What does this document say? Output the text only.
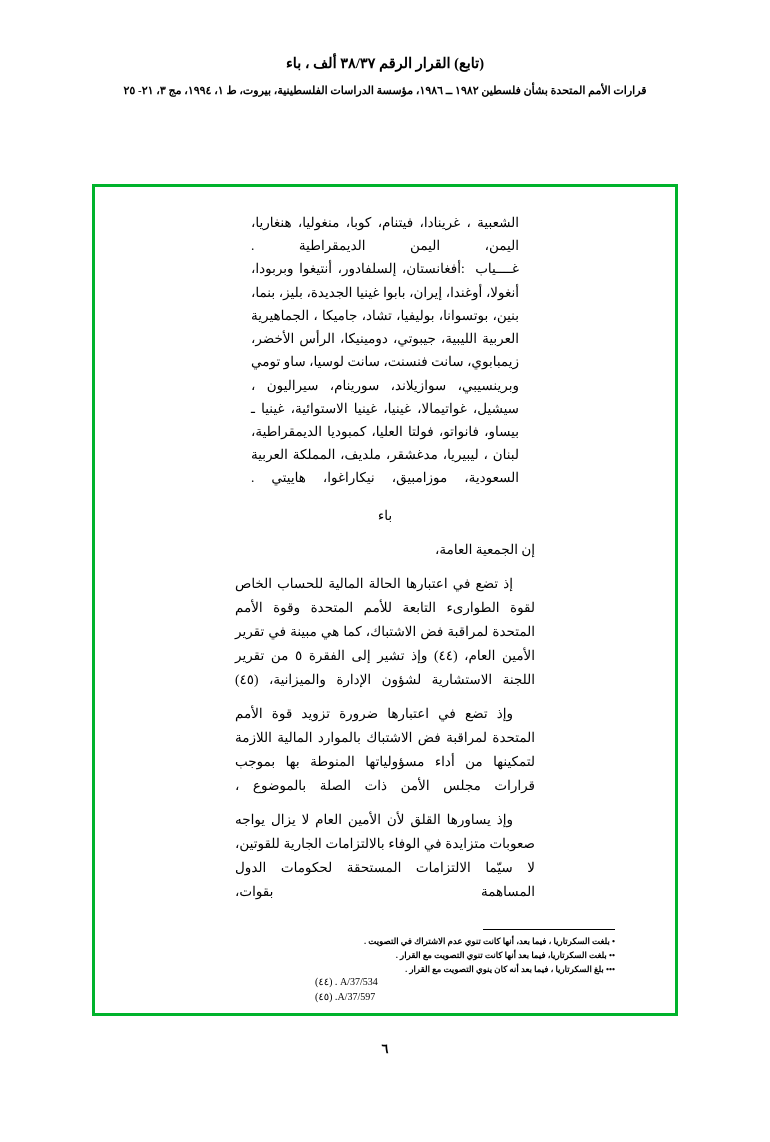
(تابع) القرار الرقم ٣٨/٣٧ ألف ، باء
قرارات الأمم المتحدة بشأن فلسطين ١٩٨٢ ــ ١٩٨٦، مؤسسة الدراسات الفلسطينية، بيروت، ط ١، ١٩٩٤، مج ٣، ٢١- ٢٥
الشعبية ، غرينادا، فيتنام، كوبا، منغوليا، هنغاريا، اليمن، اليمن الديمقراطية .
غــــياب :أفغانستان، إلسلفادور، أنتيغوا وبربودا، أنغولا، أوغندا، إيران، بابوا غينيا الجديدة، بليز، بنما، بنين، بوتسوانا، بوليفيا، تشاد، جاميكا ، الجماهيرية العربية الليبية، جيبوتي، دومينيكا، الرأس الأخضر، زيمبابوي، سانت فنسنت، سانت لوسيا، ساو تومي وبرينسيبي، سوازيلاند، سورينام، سيراليون ، سيشيل، غواتيمالا، غينيا، غينيا الاستوائية، غينيا ـ بيساو، فانواتو، فولتا العليا، كمبوديا الديمقراطية، لبنان ، ليبيريا، مدغشقر، ملديف، المملكة العربية السعودية، موزامبيق، نيكاراغوا، هاييتي .
باء
إن الجمعية العامة،
إذ تضع في اعتبارها الحالة المالية للحساب الخاص لقوة الطوارىء التابعة للأمم المتحدة وقوة الأمم المتحدة لمراقبة فض الاشتباك، كما هي مبينة في تقرير الأمين العام، (٤٤) وإذ تشير إلى الفقرة ٥ من تقرير اللجنة الاستشارية لشؤون الإدارة والميزانية، (٤٥)
وإذ تضع في اعتبارها ضرورة تزويد قوة الأمم المتحدة لمراقبة فض الاشتباك بالموارد المالية اللازمة لتمكينها من أداء مسؤولياتها المنوطة بها بموجب قرارات مجلس الأمن ذات الصلة بالموضوع ،
وإذ يساورها القلق لأن الأمين العام لا يزال يواجه صعوبات متزايدة في الوفاء بالالتزامات الجارية للقوتين، لا سيّما الالتزامات المستحقة لحكومات الدول المساهمة بقوات،
• بلغت السكرتاريا ، فيما بعد، أنها كانت تنوي عدم الاشتراك في التصويت .
•• بلغت السكرتاريا، فيما بعد أنها كانت تنوي التصويت مع القرار .
••• بلغ السكرتاريا ، فيما بعد أنه كان ينوي التصويت مع القرار .
A/37/534 . (٤٤)
A/37/597. (٤٥)
٦
